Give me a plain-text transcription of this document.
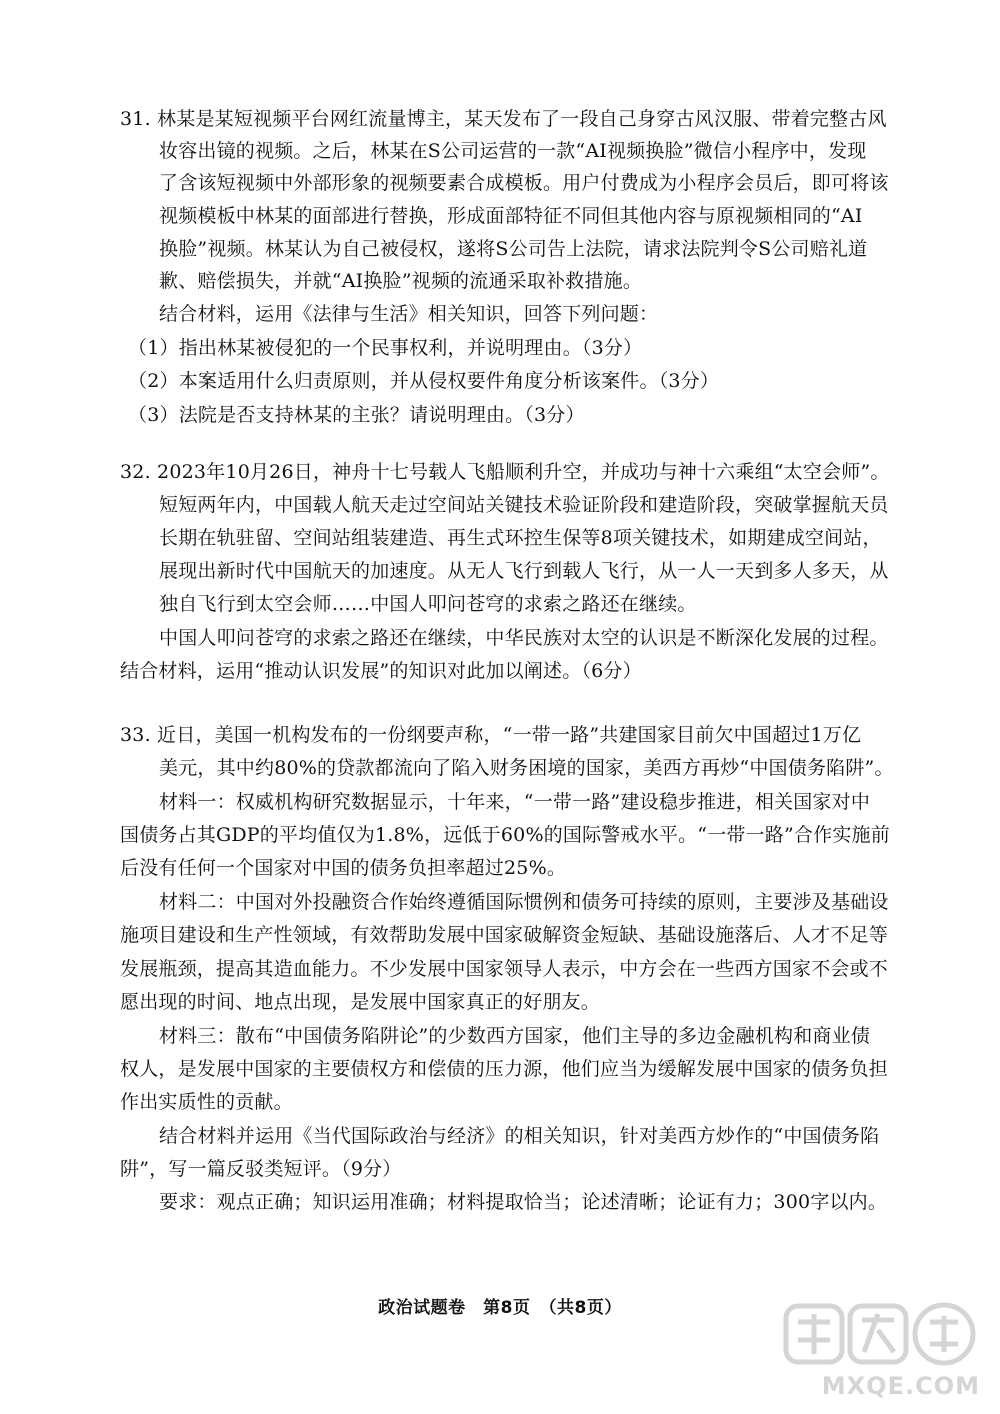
31. 林某是某短视频平台网红流量博主，某天发布了一段自己身穿古风汉服、带着完整古风
妆容出镜的视频。之后，林某在S公司运营的一款“AI视频换脸”微信小程序中，发现
了含该短视频中外部形象的视频要素合成模板。用户付费成为小程序会员后，即可将该
视频模板中林某的面部进行替换，形成面部特征不同但其他内容与原视频相同的“AI
换脸”视频。林某认为自己被侵权，遂将S公司告上法院，请求法院判令S公司赔礼道
歉、赔偿损失，并就“AI换脸”视频的流通采取补救措施。
结合材料，运用《法律与生活》相关知识，回答下列问题：
（1）指出林某被侵犯的一个民事权利，并说明理由。（3分）
（2）本案适用什么归责原则，并从侵权要件角度分析该案件。（3分）
（3）法院是否支持林某的主张？请说明理由。（3分）
32. 2023年10月26日，神舟十七号载人飞船顺利升空，并成功与神十六乘组“太空会师”。
短短两年内，中国载人航天走过空间站关键技术验证阶段和建造阶段，突破掌握航天员
长期在轨驻留、空间站组装建造、再生式环控生保等8项关键技术，如期建成空间站，
展现出新时代中国航天的加速度。从无人飞行到载人飞行，从一人一天到多人多天，从
独自飞行到太空会师……中国人叩问苍穹的求索之路还在继续。
中国人叩问苍穹的求索之路还在继续，中华民族对太空的认识是不断深化发展的过程。
结合材料，运用“推动认识发展”的知识对此加以阐述。（6分）
33. 近日，美国一机构发布的一份纲要声称，“一带一路”共建国家目前欠中国超过1万亿
美元，其中约80%的贷款都流向了陷入财务困境的国家，美西方再炒“中国债务陷阱”。
材料一：权威机构研究数据显示，十年来，“一带一路”建设稳步推进，相关国家对中
国债务占其GDP的平均值仅为1.8%，远低于60%的国际警戒水平。“一带一路”合作实施前
后没有任何一个国家对中国的债务负担率超过25%。
材料二：中国对外投融资合作始终遵循国际惯例和债务可持续的原则，主要涉及基础设
施项目建设和生产性领域，有效帮助发展中国家破解资金短缺、基础设施落后、人才不足等
发展瓶颈，提高其造血能力。不少发展中国家领导人表示，中方会在一些西方国家不会或不
愿出现的时间、地点出现，是发展中国家真正的好朋友。
材料三：散布“中国债务陷阱论”的少数西方国家，他们主导的多边金融机构和商业债
权人，是发展中国家的主要债权方和偿债的压力源，他们应当为缓解发展中国家的债务负担
作出实质性的贡献。
结合材料并运用《当代国际政治与经济》的相关知识，针对美西方炒作的“中国债务陷
阱”，写一篇反驳类短评。（9分）
要求：观点正确；知识运用准确；材料提取恰当；论述清晰；论证有力；300字以内。
政治试题卷　第8页　（共8页）
MXQE.COM
